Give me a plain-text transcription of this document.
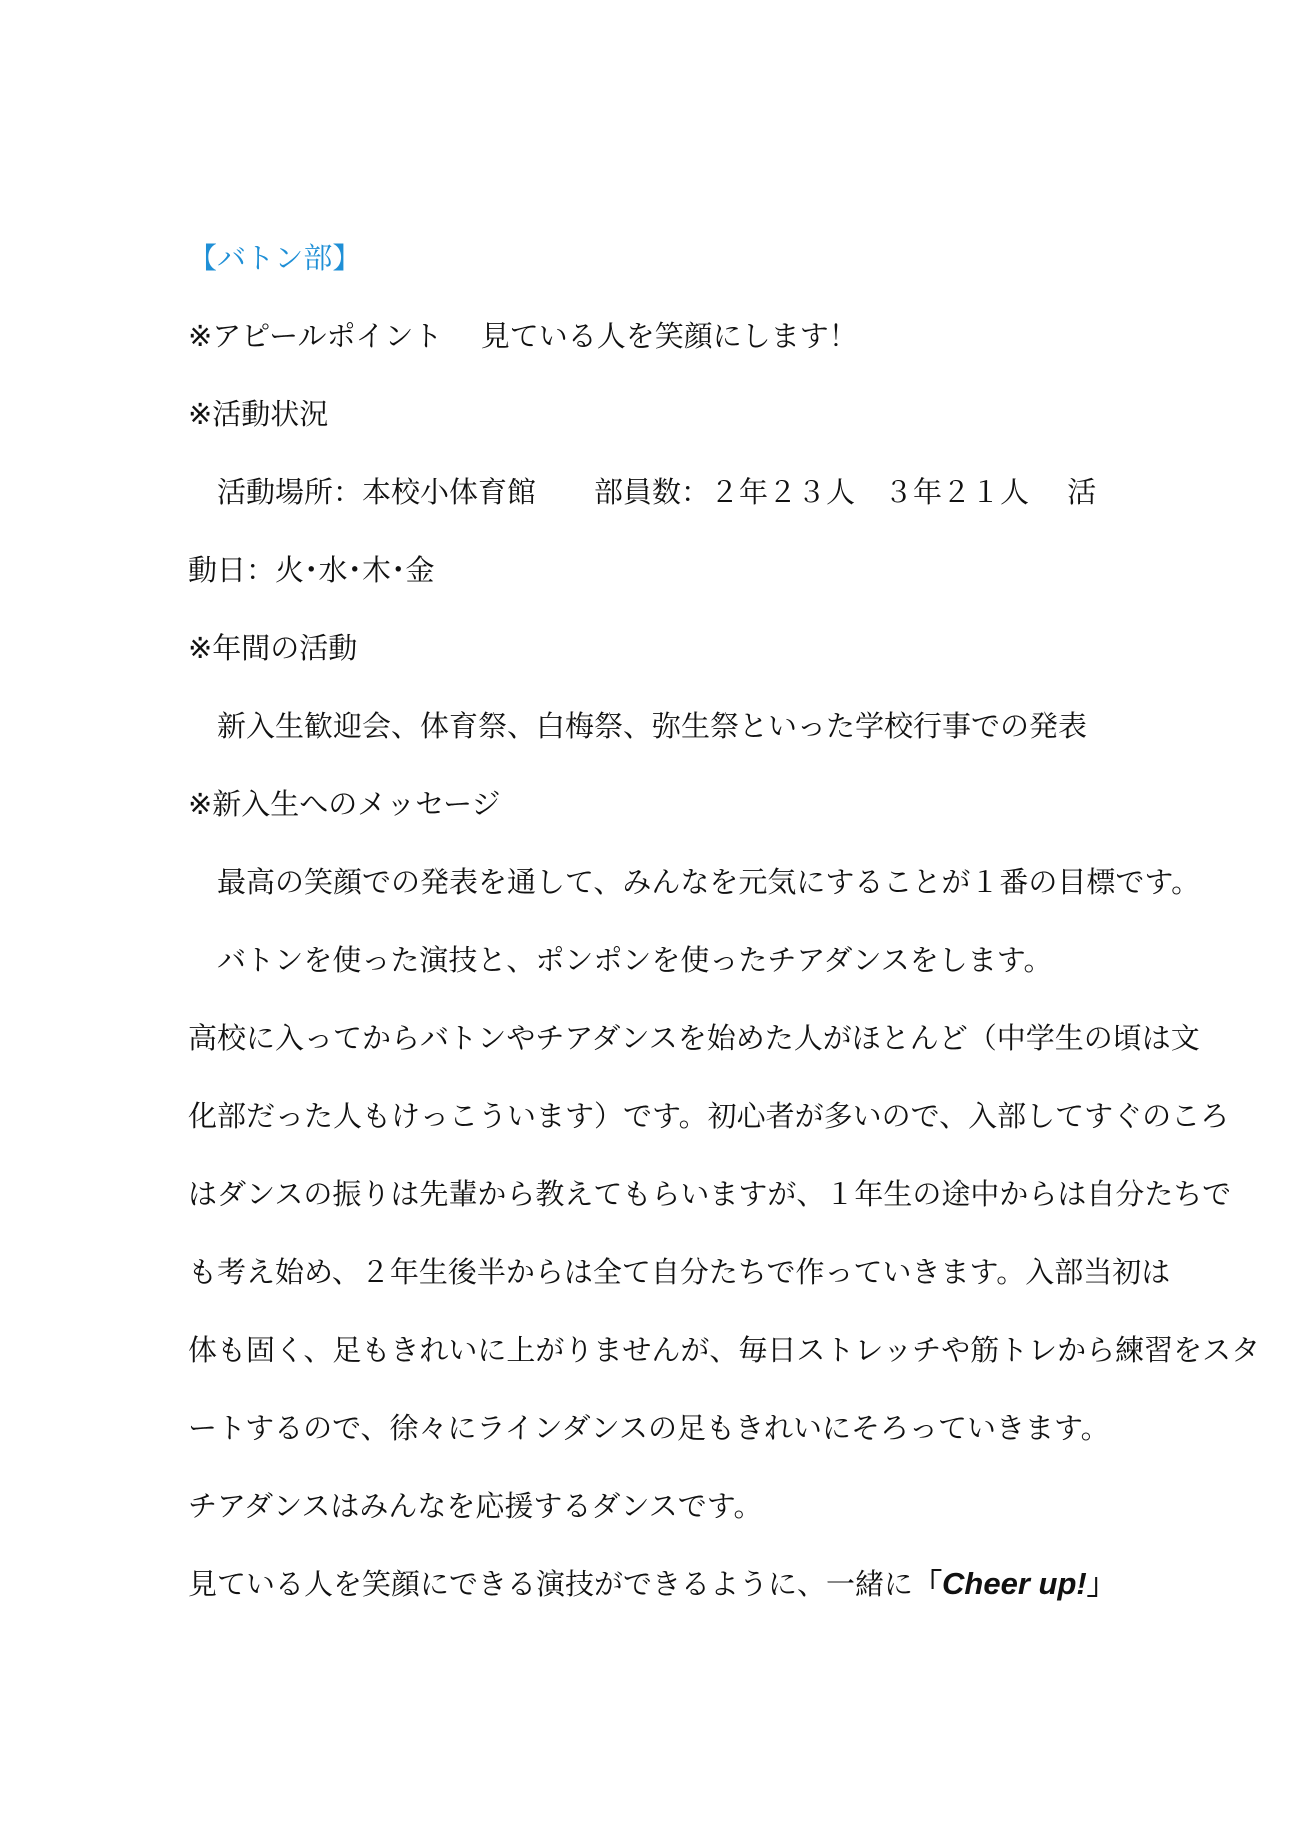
【バトン部】
※アピールポイント　 見ている人を笑顔にします！
※活動状況
　活動場所：本校小体育館　　部員数：２年２３人　３年２１人　 活
動日：火･水･木･金
※年間の活動
　新入生歓迎会、体育祭、白梅祭、弥生祭といった学校行事での発表
※新入生へのメッセージ
　最高の笑顔での発表を通して、みんなを元気にすることが１番の目標です。
　バトンを使った演技と、ポンポンを使ったチアダンスをします。
高校に入ってからバトンやチアダンスを始めた人がほとんど（中学生の頃は文
化部だった人もけっこういます）です。初心者が多いので、入部してすぐのころ
はダンスの振りは先輩から教えてもらいますが、１年生の途中からは自分たちで
も考え始め、２年生後半からは全て自分たちで作っていきます。入部当初は
体も固く、足もきれいに上がりませんが、毎日ストレッチや筋トレから練習をスタ
ートするので、徐々にラインダンスの足もきれいにそろっていきます。
チアダンスはみんなを応援するダンスです。
見ている人を笑顔にできる演技ができるように、一緒に「Cheer up!」
